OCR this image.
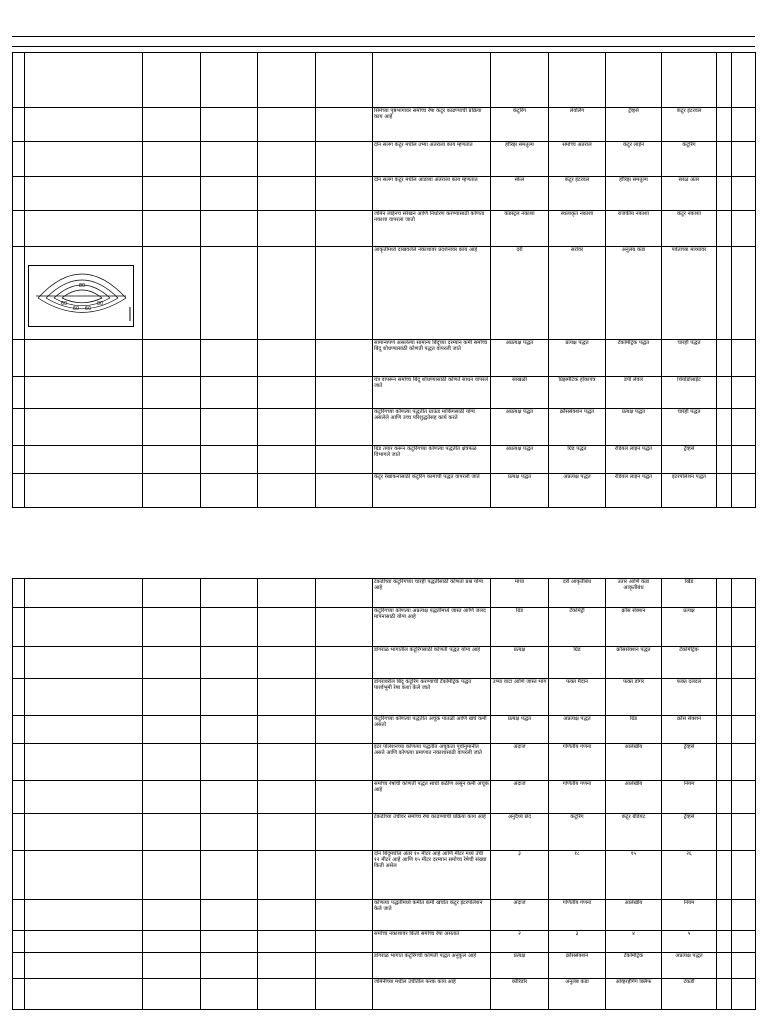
						सिमेच्या पृष्ठभागावर समोच्च रेषा कंटूर काढण्याची प्रक्रिया काय आहे	कंटूरिंग	लेवलिंग	ट्रॅव्हर्स	कंटूर इंटरवल		
						दोन सलग कंटूर मधील उभ्या अंतराला काय म्हणतात	हॉरिझ समतुल्य	समोच्च अंतराल	कंटूर लाईन	कंटूरिंग		
						दोन सलग कंटूर मधील आडव्या अंतराला काय म्हणतात	स्केल	कंटूर इंटरवल	हॉरिझ समतुल्य	सरळ अंतर		
						जमिन लाईनच संरेखन आणि निर्धारण करण्यासाठी कोणता नकाशा वापरला जातो	कंडस्ट्रल नकाशा	स्थलाकृत नकाशा	राजकीय नकाशा	कंटूर नकाशा		

80
60
60 60
80					आकृतीमध्ये दाखवलेले नकाशावर प्रदर्शनावर काय आहे	दरी	सरोवर	अनुलंब कडा	पर्वताच्या माथ्यावर		
						सामान्यपणे असलेल्या सामान्य बिंदूच्या दरम्यान कमी समोच्च बिंदू शोधण्यासाठी कोणती पद्धत वापरली जाते	अप्रत्यक्ष पद्धत	प्रत्यक्ष पद्धत	टॅकोमेट्रिक पद्धत	चारही पद्धत		
						यंत्र वापरून समोच्च बिंदू शोधण्यासाठी कोणते साधन वापरले जाते	साखळी	प्रिझमॅटिक होकायंत्र	डंपी लेवल	थियोडोलाईट		
						कंटूरिंगच्या कोणत्या पद्धतीत ग्राऊंड मार्किंगसाठी योग्य असलेले आणि उच्च परिशुद्धतेसह कार्य करते	अप्रत्यक्ष पद्धत	क्रॉससेक्शन पद्धत	प्रत्यक्ष पद्धत	चारही पद्धत		
						ग्रिड तयार करून कंटूरिंगच्या कोणत्या पद्धतीत क्षेत्रफळ विभागले जाते	अप्रत्यक्ष पद्धत	ग्रिड पद्धत	रेडियल लाइन पद्धत	ट्रॅव्हर्स		
						कंटूर रेखांकनासाठी कंटूरिंग कामाची पद्धत वापरली जाते	प्रत्यक्ष पद्धत	अप्रत्यक्ष पद्धत	रेडियल लाइन पद्धत	इंटरपोलेशन पद्धत		
						टेकडीच्या कंटूरिंगच्या चारही पद्धतींसाठी कोणता प्रश्न योग्य आहे	माथा	दरी आकृतीबंध	उतार आणि कडा आकृतीबंध	खिंड		
						कंटूरिंगच्या कोणत्या अप्रत्यक्ष पद्धतीमध्ये जास्त आणि जलद मापनासाठी योग्य आहे	ग्रिड	टॅकोमेट्री	क्रॉस सेक्शन	प्रत्यक्ष		
						डोंगराळ भागातील कंटूरिंगसाठी कोणती पद्धत योग्य आहे	प्रत्यक्ष	ग्रिड	क्रॉससेक्शन पद्धत	टॅकोमेट्रिक		
						डोंगरावरील बिंदू कंटूरिंग करण्याची टॅकोमेट्रिक पद्धत पार्श्वभूमी रेषा कशा केले जाते	उभ्या वाटा आणि जास्त भाग	फक्त मैदान	फक्त डोंगर	फक्त दलदल		
						कंटूरिंगच्या कोणत्या पद्धतीत अचूक पातळी आणि खर्च कमी असतो	प्रत्यक्ष पद्धत	अप्रत्यक्ष पद्धत	ग्रिड	क्रॉस सेक्शन		
						इंटर पोलेशनच्या कोणत्या पद्धतीत अचूकता पूर्वानुमानीत असते आणि कोणत्या प्रमाणात नकाशासाठी वापरली जाते	अंदाज	गणितीय गणना	आलेखीय	ट्रॅव्हर्स		
						समोच्च रेषांची कोणती पद्धत साधी कठीण असून कमी अचूक आहे	अंदाज	गणितीय गणना	आलेखीय	नियम		
						टेकडीच्या उंचीवर समोच्च रेषा काढण्याची प्रक्रिया काय आहे	अनुदैर्ध्य छेद	कंटूरिंग	कंटूर ग्रेडियंट	ट्रॅव्हर्स		
						दोन बिंदूंमधील अंतर १० मीटर आहे आणि मीटर मध्ये उंची १२ मीटर आहे आणि १५ मीटर दरम्यान समोच्च रेषेची संख्या किती असेल	३	१८	१५	२६		
						कोणत्या पद्धतीमध्ये कमीत कमी खर्चात कंटूर इंटरपोलेशन केले जाते	अंदाज	गणितीय गणना	आलेखीय	नियम		
						समोच्च नकाशावर किती समोच्च रेषा असतात	२	३	४	५		
						डोंगराळ भागात कंटूरिंगची कोणती पद्धत अनुकूल आहे	प्रत्यक्ष	क्रॉससेक्शन	टॅकोमेट्रिक	अप्रत्यक्ष पद्धत		
						जमिनीच्या मधील उंचीतील फरक काय आहे	कॉरिडॉर	अनुलंब कडा	ओव्हरहँगिंग क्लिफ	टेकडी		
